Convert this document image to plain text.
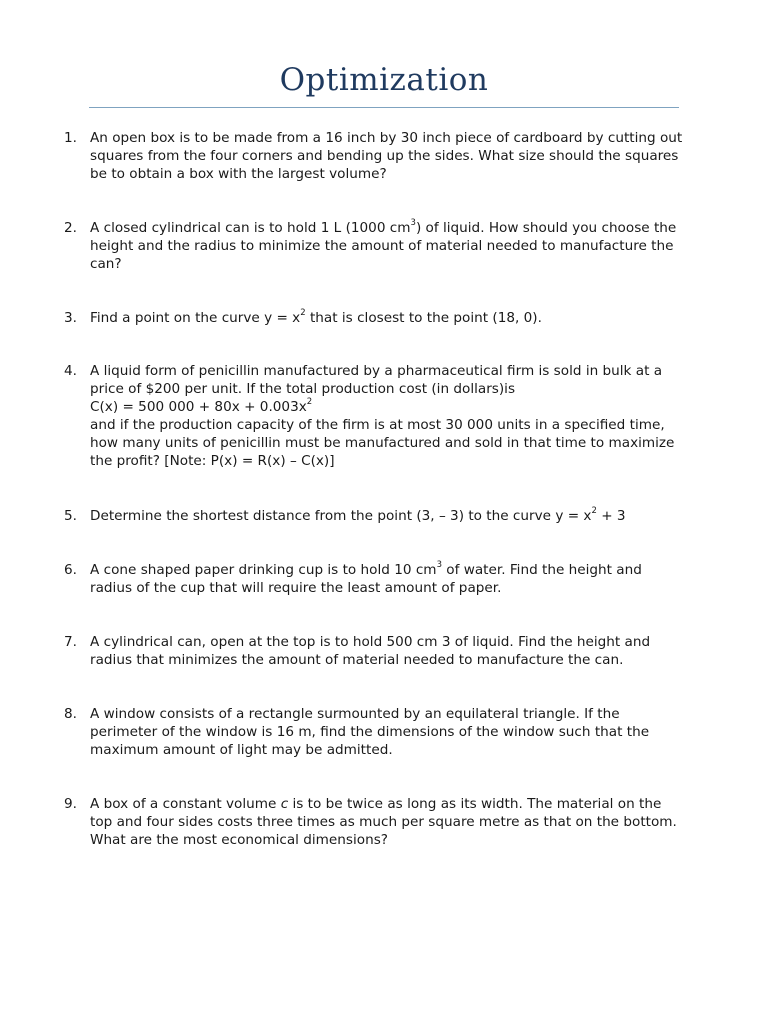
Optimization
1. An open box is to be made from a 16 inch by 30 inch piece of cardboard by cutting out
squares from the four corners and bending up the sides. What size should the squares
be to obtain a box with the largest volume?
2. A closed cylindrical can is to hold 1 L (1000 $cm^3$) of liquid. How should you choose the
height and the radius to minimize the amount of material needed to manufacture the
can?
3. Find a point on the curve $y = x^2$ that is closest to the point (18, 0).
4. A liquid form of penicillin manufactured by a pharmaceutical firm is sold in bulk at a
price of $200 per unit. If the total production cost (in dollars)is
C(x) = 500 $000 + 80x + 0.003x^2$
and if the production capacity of the firm is at most 30 000 units in a specified time,
how many units of penicillin must be manufactured and sold in that time to maximize
the profit? [Note: P(x) = R(x) – C(x)]
5. Determine the shortest distance from the point (3, – 3) to the curve $y = x^2 + 3$
6. A cone shaped paper drinking cup is to hold 10 $cm^3$ of water. Find the height and
radius of the cup that will require the least amount of paper.
7. A cylindrical can, open at the top is to hold 500 cm 3 of liquid. Find the height and
radius that minimizes the amount of material needed to manufacture the can.
8. A window consists of a rectangle surmounted by an equilateral triangle. If the
perimeter of the window is 16 m, find the dimensions of the window such that the
maximum amount of light may be admitted.
9. A box of a constant volume c is to be twice as long as its width. The material on the
top and four sides costs three times as much per square metre as that on the bottom.
What are the most economical dimensions?
